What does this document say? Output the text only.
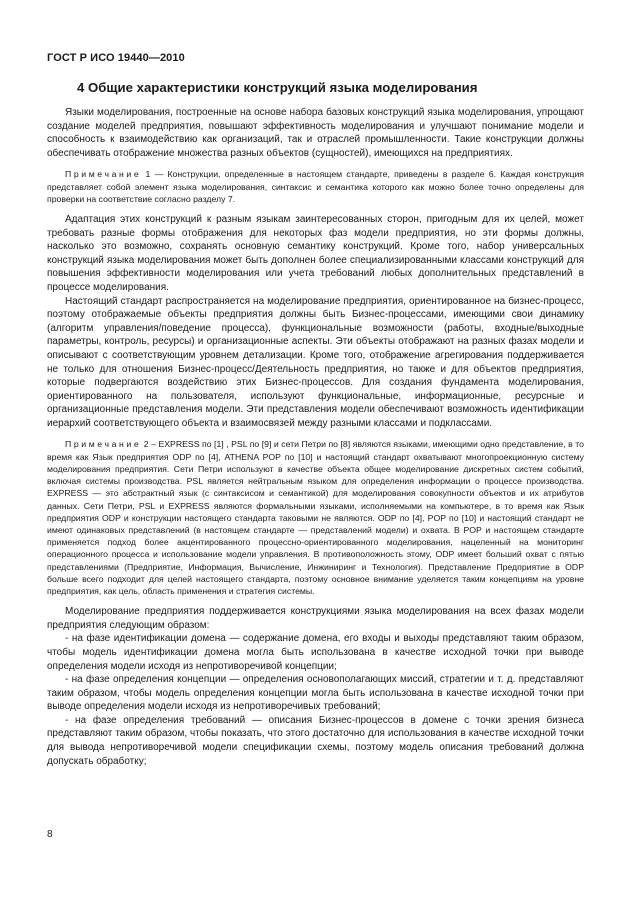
ГОСТ Р ИСО 19440—2010
4 Общие характеристики конструкций языка моделирования

Языки моделирования, построенные на основе набора базовых конструкций языка моделирования, упрощают создание моделей предприятия, повышают эффективность моделирования и улучшают понимание модели и способность к взаимодействию как организаций, так и отраслей промышленности. Такие конструкции должны обеспечивать отображение множества разных объектов (сущностей), имеющихся на предприятиях.

Примечание 1 — Конструкции, определенные в настоящем стандарте, приведены в разделе 6. Каждая конструкция представляет собой элемент языка моделирования, синтаксис и семантика которого как можно более точно определены для проверки на соответствие согласно разделу 7.

Адаптация этих конструкций к разным языкам заинтересованных сторон, пригодным для их целей, может требовать разные формы отображения для некоторых фаз модели предприятия, но эти формы должны, насколько это возможно, сохранять основную семантику конструкций. Кроме того, набор универсальных конструкций языка моделирования может быть дополнен более специализированными классами конструкций для повышения эффективности моделирования или учета требований любых дополнительных представлений в процессе моделирования.

Настоящий стандарт распространяется на моделирование предприятия, ориентированное на бизнес-процесс, поэтому отображаемые объекты предприятия должны быть Бизнес-процессами, имеющими свои динамику (алгоритм управления/поведение процесса), функциональные возможности (работы, входные/выходные параметры, контроль, ресурсы) и организационные аспекты. Эти объекты отображают на разных фазах модели и описывают с соответствующим уровнем детализации. Кроме того, отображение агрегирования поддерживается не только для отношения Бизнес-процесс/Деятельность предприятия, но также и для объектов предприятия, которые подвергаются воздействию этих Бизнес-процессов. Для создания фундамента моделирования, ориентированного на пользователя, используют функциональные, информационные, ресурсные и организационные представления модели. Эти представления модели обеспечивают возможность идентификации иерархий соответствующего объекта и взаимосвязей между разными классами и подклассами.

Примечание 2 – EXPRESS по [1] , PSL по [9] и сети Петри по [8] являются языками, имеющими одно представление, в то время как Язык предприятия ODP по [4], ATHENA POP по [10] и настоящий стандарт охватывают многопроекционную систему моделирования предприятия. Сети Петри используют в качестве объекта общее моделирование дискретных систем событий, включая системы производства. PSL является нейтральным языком для определения информации о процессе производства. EXPRESS — это абстрактный язык (с синтаксисом и семантикой) для моделирования совокупности объектов и их атрибутов данных. Сети Петри, PSL и EXPRESS являются формальными языками, исполняемыми на компьютере, в то время как Язык предприятия ODP и конструкции настоящего стандарта таковыми не являются. ODP по [4], POP по [10] и настоящий стандарт не имеют одинаковых представлений (в настоящем стандарте — представлений модели) и охвата. В POP и настоящем стандарте применяется подход более акцентированного процессно-ориентированного моделирования, нацеленный на мониторинг операционного процесса и использование модели управления. В противоположность этому, ODP имеет больший охват с пятью представлениями (Предприятие, Информация, Вычисление, Инжиниринг и Технология). Представление Предприятие в ODP больше всего подходит для целей настоящего стандарта, поэтому основное внимание уделяется таким концепциям на уровне предприятия, как цель, область применения и стратегия системы.

Моделирование предприятия поддерживается конструкциями языка моделирования на всех фазах модели предприятия следующим образом:

- на фазе идентификации домена — содержание домена, его входы и выходы представляют таким образом, чтобы модель идентификации домена могла быть использована в качестве исходной точки при выводе определения модели исходя из непротиворечивой концепции;

- на фазе определения концепции — определения основополагающих миссий, стратегии и т. д. представляют таким образом, чтобы модель определения концепции могла быть использована в качестве исходной точки при выводе определения модели исходя из непротиворечивых требований;

- на фазе определения требований — описания Бизнес-процессов в домене с точки зрения бизнеса представляют таким образом, чтобы показать, что этого достаточно для использования в качестве исходной точки для вывода непротиворечивой модели спецификации схемы, поэтому модель описания требований должна допускать обработку;

8
